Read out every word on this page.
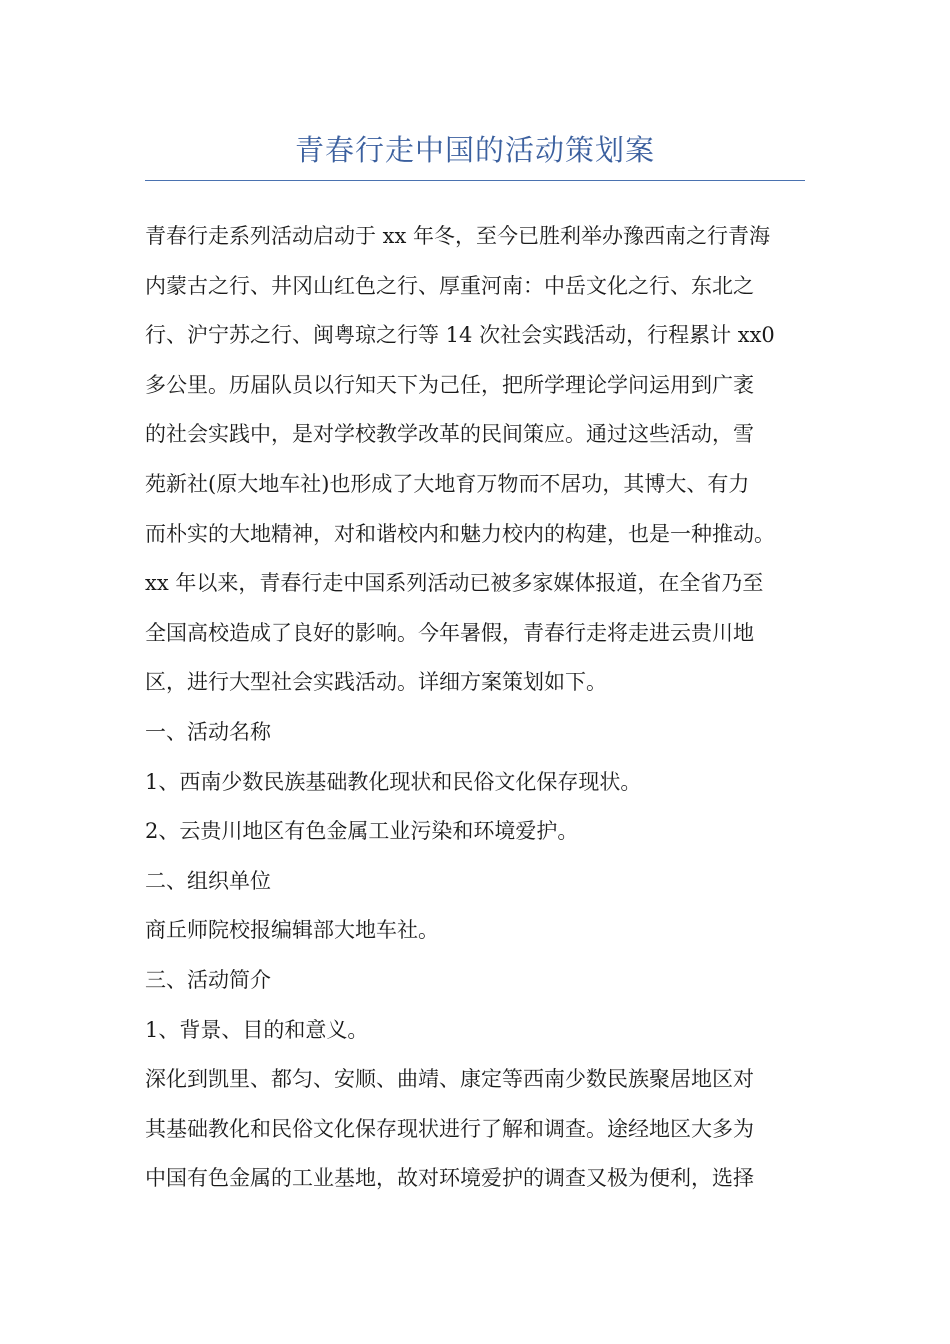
青春行走中国的活动策划案
青春行走系列活动启动于 xx 年冬，至今已胜利举办豫西南之行青海
内蒙古之行、井冈山红色之行、厚重河南：中岳文化之行、东北之
行、沪宁苏之行、闽粤琼之行等 14 次社会实践活动，行程累计 xx0
多公里。历届队员以行知天下为己任，把所学理论学问运用到广袤
的社会实践中，是对学校教学改革的民间策应。通过这些活动，雪
苑新社(原大地车社)也形成了大地育万物而不居功，其博大、有力
而朴实的大地精神，对和谐校内和魅力校内的构建，也是一种推动。
xx 年以来，青春行走中国系列活动已被多家媒体报道，在全省乃至
全国高校造成了良好的影响。今年暑假，青春行走将走进云贵川地
区，进行大型社会实践活动。详细方案策划如下。
一、活动名称
1、西南少数民族基础教化现状和民俗文化保存现状。
2、云贵川地区有色金属工业污染和环境爱护。
二、组织单位
商丘师院校报编辑部大地车社。
三、活动简介
1、背景、目的和意义。
深化到凯里、都匀、安顺、曲靖、康定等西南少数民族聚居地区对
其基础教化和民俗文化保存现状进行了解和调查。途经地区大多为
中国有色金属的工业基地，故对环境爱护的调查又极为便利，选择
